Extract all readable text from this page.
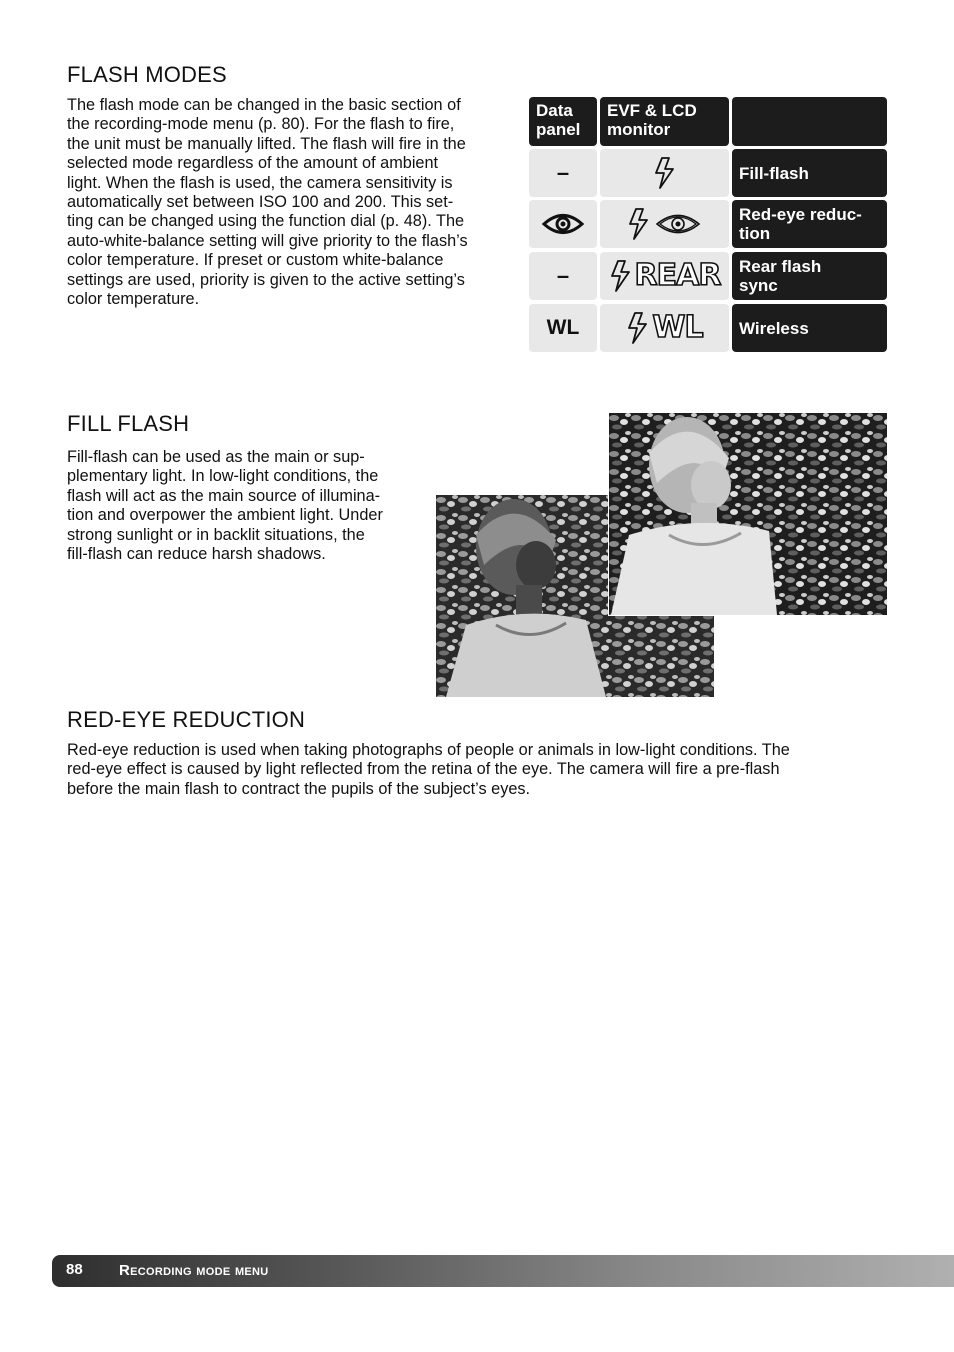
FLASH MODES
The flash mode can be changed in the basic section of
the recording-mode menu (p. 80). For the flash to fire,
the unit must be manually lifted. The flash will fire in the
selected mode regardless of the amount of ambient
light. When the flash is used, the camera sensitivity is
automatically set between ISO 100 and 200. This set-
ting can be changed using the function dial (p. 48). The
auto-white-balance setting will give priority to the flash’s
color temperature. If preset or custom white-balance
settings are used, priority is given to the active setting’s
color temperature.
Data
panel
EVF & LCD
monitor
–	Fill-flash
Red-eye reduc-
tion
– REAR Rear flash
sync
WL WL Wireless
FILL FLASH
Fill-flash can be used as the main or sup-
plementary light. In low-light conditions, the
flash will act as the main source of illumina-
tion and overpower the ambient light. Under
strong sunlight or in backlit situations, the
fill-flash can reduce harsh shadows.
RED-EYE REDUCTION
Red-eye reduction is used when taking photographs of people or animals in low-light conditions. The
red-eye effect is caused by light reflected from the retina of the eye. The camera will fire a pre-flash
before the main flash to contract the pupils of the subject’s eyes.
88 Recording mode menu
